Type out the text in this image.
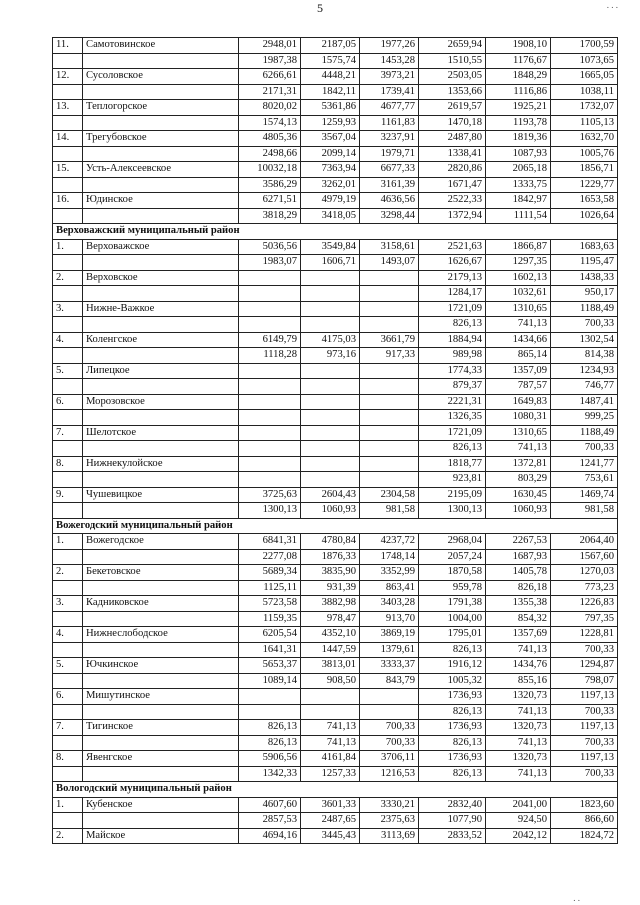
5	. . .
. .
11.	Самотовинское	2948,01	2187,05	1977,26	2659,94	1908,10	1700,59
		1987,38	1575,74	1453,28	1510,55	1176,67	1073,65
12.	Сусоловское	6266,61	4448,21	3973,21	2503,05	1848,29	1665,05
		2171,31	1842,11	1739,41	1353,66	1116,86	1038,11
13.	Теплогорское	8020,02	5361,86	4677,77	2619,57	1925,21	1732,07
		1574,13	1259,93	1161,83	1470,18	1193,78	1105,13
14.	Трегубовское	4805,36	3567,04	3237,91	2487,80	1819,36	1632,70
		2498,66	2099,14	1979,71	1338,41	1087,93	1005,76
15.	Усть-Алексеевское	10032,18	7363,94	6677,33	2820,86	2065,18	1856,71
		3586,29	3262,01	3161,39	1671,47	1333,75	1229,77
16.	Юдинское	6271,51	4979,19	4636,56	2522,33	1842,97	1653,58
		3818,29	3418,05	3298,44	1372,94	1111,54	1026,64
Верховажский муниципальный район							
1.	Верховажское	5036,56	3549,84	3158,61	2521,63	1866,87	1683,63
		1983,07	1606,71	1493,07	1626,67	1297,35	1195,47
2.	Верховское				2179,13	1602,13	1438,33
					1284,17	1032,61	950,17
3.	Нижне-Важкое				1721,09	1310,65	1188,49
					826,13	741,13	700,33
4.	Коленгское	6149,79	4175,03	3661,79	1884,94	1434,66	1302,54
		1118,28	973,16	917,33	989,98	865,14	814,38
5.	Липецкое				1774,33	1357,09	1234,93
					879,37	787,57	746,77
6.	Морозовское				2221,31	1649,83	1487,41
					1326,35	1080,31	999,25
7.	Шелотское				1721,09	1310,65	1188,49
					826,13	741,13	700,33
8.	Нижнекулойское				1818,77	1372,81	1241,77
					923,81	803,29	753,61
9.	Чушевицкое	3725,63	2604,43	2304,58	2195,09	1630,45	1469,74
		1300,13	1060,93	981,58	1300,13	1060,93	981,58
Вожегодский муниципальный район							
1.	Вожегодское	6841,31	4780,84	4237,72	2968,04	2267,53	2064,40
		2277,08	1876,33	1748,14	2057,24	1687,93	1567,60
2.	Бекетовское	5689,34	3835,90	3352,99	1870,58	1405,78	1270,03
		1125,11	931,39	863,41	959,78	826,18	773,23
3.	Кадниковское	5723,58	3882,98	3403,28	1791,38	1355,38	1226,83
		1159,35	978,47	913,70	1004,00	854,32	797,35
4.	Нижнеслободское	6205,54	4352,10	3869,19	1795,01	1357,69	1228,81
		1641,31	1447,59	1379,61	826,13	741,13	700,33
5.	Ючкинское	5653,37	3813,01	3333,37	1916,12	1434,76	1294,87
		1089,14	908,50	843,79	1005,32	855,16	798,07
6.	Мишутинское				1736,93	1320,73	1197,13
					826,13	741,13	700,33
7.	Тигинское	826,13	741,13	700,33	1736,93	1320,73	1197,13
		826,13	741,13	700,33	826,13	741,13	700,33
8.	Явенгское	5906,56	4161,84	3706,11	1736,93	1320,73	1197,13
		1342,33	1257,33	1216,53	826,13	741,13	700,33
Вологодский муниципальный район							
1.	Кубенское	4607,60	3601,33	3330,21	2832,40	2041,00	1823,60
		2857,53	2487,65	2375,63	1077,90	924,50	866,60
2.	Майское	4694,16	3445,43	3113,69	2833,52	2042,12	1824,72
